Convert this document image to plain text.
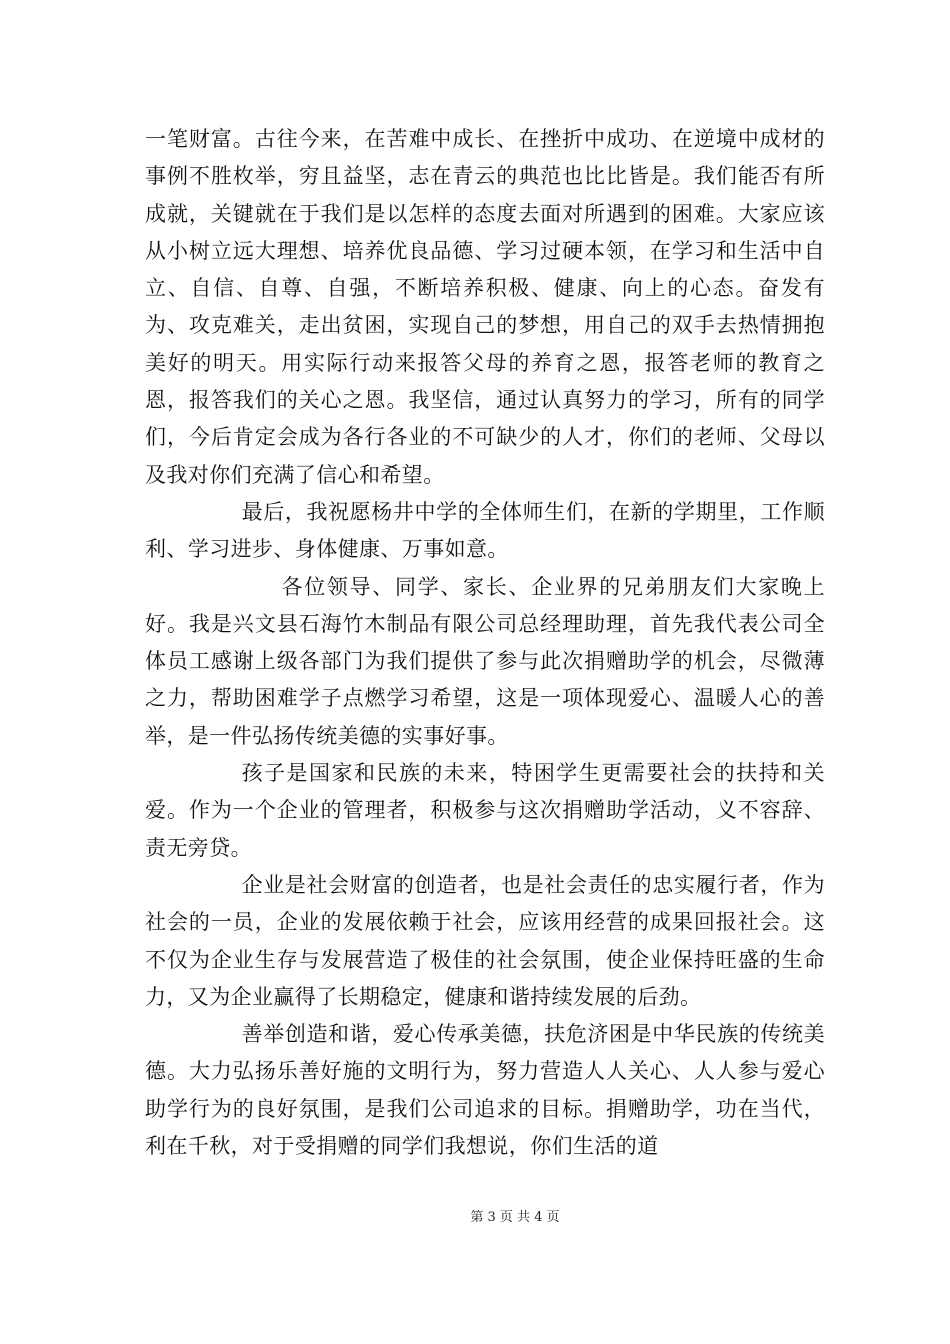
一笔财富。古往今来，在苦难中成长、在挫折中成功、在逆境中成材的事例不胜枚举，穷且益坚，志在青云的典范也比比皆是。我们能否有所成就，关键就在于我们是以怎样的态度去面对所遇到的困难。大家应该从小树立远大理想、培养优良品德、学习过硬本领，在学习和生活中自立、自信、自尊、自强，不断培养积极、健康、向上的心态。奋发有为、攻克难关，走出贫困，实现自己的梦想，用自己的双手去热情拥抱美好的明天。用实际行动来报答父母的养育之恩，报答老师的教育之恩，报答我们的关心之恩。我坚信，通过认真努力的学习，所有的同学们，今后肯定会成为各行各业的不可缺少的人才，你们的老师、父母以及我对你们充满了信心和希望。

最后，我祝愿杨井中学的全体师生们，在新的学期里，工作顺利、学习进步、身体健康、万事如意。

各位领导、同学、家长、企业界的兄弟朋友们大家晚上好。我是兴文县石海竹木制品有限公司总经理助理，首先我代表公司全体员工感谢上级各部门为我们提供了参与此次捐赠助学的机会，尽微薄之力，帮助困难学子点燃学习希望，这是一项体现爱心、温暖人心的善举，是一件弘扬传统美德的实事好事。

孩子是国家和民族的未来，特困学生更需要社会的扶持和关爱。作为一个企业的管理者，积极参与这次捐赠助学活动，义不容辞、责无旁贷。

企业是社会财富的创造者，也是社会责任的忠实履行者，作为社会的一员，企业的发展依赖于社会，应该用经营的成果回报社会。这不仅为企业生存与发展营造了极佳的社会氛围，使企业保持旺盛的生命力，又为企业赢得了长期稳定，健康和谐持续发展的后劲。

善举创造和谐，爱心传承美德，扶危济困是中华民族的传统美德。大力弘扬乐善好施的文明行为，努力营造人人关心、人人参与爱心助学行为的良好氛围，是我们公司追求的目标。捐赠助学，功在当代，利在千秋，对于受捐赠的同学们我想说，你们生活的道

第 3 页 共 4 页
